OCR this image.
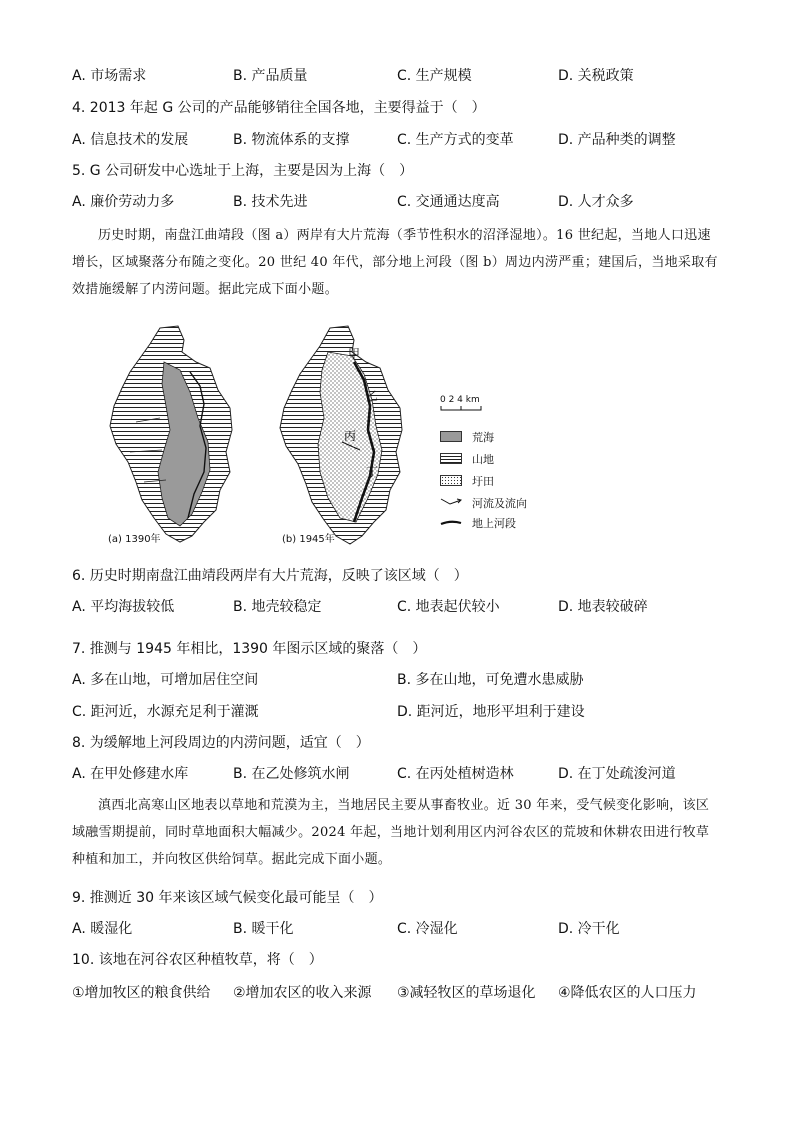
A. 市场需求	B. 产品质量	C. 生产规模	D. 关税政策
4. 2013 年起 G 公司的产品能够销往全国各地，主要得益于（　）
A. 信息技术的发展	B. 物流体系的支撑	C. 生产方式的变革	D. 产品种类的调整
5. G 公司研发中心选址于上海，主要是因为上海（　）
A. 廉价劳动力多	B. 技术先进	C. 交通通达度高	D. 人才众多
历史时期，南盘江曲靖段（图 a）两岸有大片荒海（季节性积水的沼泽湿地）。16 世纪起，当地人口迅速增长，区域聚落分布随之变化。20 世纪 40 年代，部分地上河段（图 b）周边内涝严重；建国后，当地采取有效措施缓解了内涝问题。据此完成下面小题。
甲
乙
丙
丁
0 2 4 km
(a) 1390年	(b) 1945年
荒海
山地
圩田
河流及流向
地上河段
6. 历史时期南盘江曲靖段两岸有大片荒海，反映了该区域（　）
A. 平均海拔较低	B. 地壳较稳定	C. 地表起伏较小	D. 地表较破碎
7. 推测与 1945 年相比，1390 年图示区域的聚落（　）
A. 多在山地，可增加居住空间	B. 多在山地，可免遭水患威胁
C. 距河近，水源充足利于灌溉	D. 距河近，地形平坦利于建设
8. 为缓解地上河段周边的内涝问题，适宜（　）
A. 在甲处修建水库	B. 在乙处修筑水闸	C. 在丙处植树造林	D. 在丁处疏浚河道
滇西北高寒山区地表以草地和荒漠为主，当地居民主要从事畜牧业。近 30 年来，受气候变化影响，该区域融雪期提前，同时草地面积大幅减少。2024 年起，当地计划利用区内河谷农区的荒坡和休耕农田进行牧草种植和加工，并向牧区供给饲草。据此完成下面小题。
9. 推测近 30 年来该区域气候变化最可能呈（　）
A. 暖湿化	B. 暖干化	C. 冷湿化	D. 冷干化
10. 该地在河谷农区种植牧草，将（　）
①增加牧区的粮食供给 ②增加农区的收入来源 ③减轻牧区的草场退化 ④降低农区的人口压力
